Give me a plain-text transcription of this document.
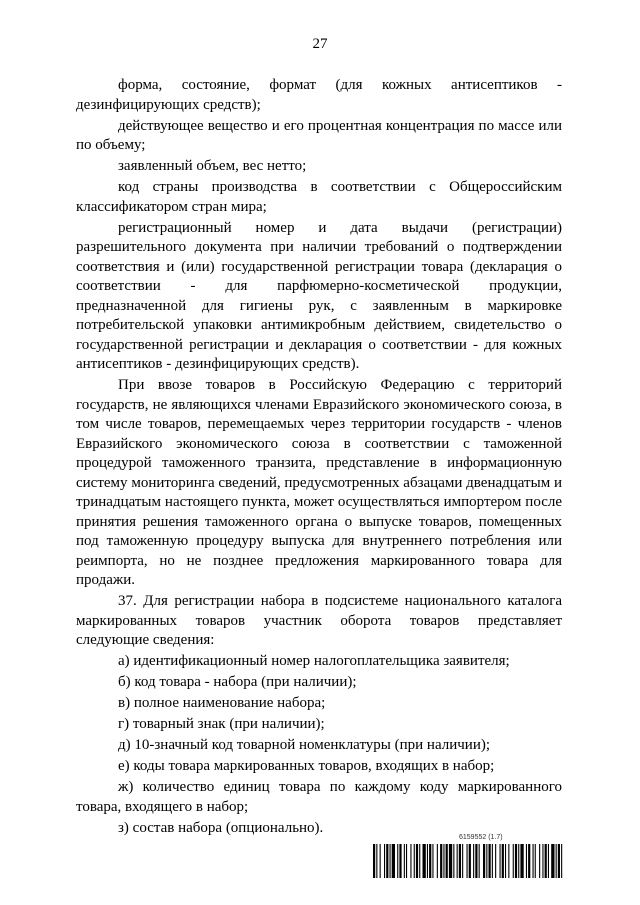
27

форма, состояние, формат (для кожных антисептиков - дезинфицирующих средств);

действующее вещество и его процентная концентрация по массе или по объему;

заявленный объем, вес нетто;

код страны производства в соответствии с Общероссийским классификатором стран мира;

регистрационный номер и дата выдачи (регистрации) разрешительного документа при наличии требований о подтверждении соответствия и (или) государственной регистрации товара (декларация о соответствии - для парфюмерно-косметической продукции, предназначенной для гигиены рук, с заявленным в маркировке потребительской упаковки антимикробным действием, свидетельство о государственной регистрации и декларация о соответствии - для кожных антисептиков - дезинфицирующих средств).

При ввозе товаров в Российскую Федерацию с территорий государств, не являющихся членами Евразийского экономического союза, в том числе товаров, перемещаемых через территории государств - членов Евразийского экономического союза в соответствии с таможенной процедурой таможенного транзита, представление в информационную систему мониторинга сведений, предусмотренных абзацами двенадцатым и тринадцатым настоящего пункта, может осуществляться импортером после принятия решения таможенного органа о выпуске товаров, помещенных под таможенную процедуру выпуска для внутреннего потребления или реимпорта, но не позднее предложения маркированного товара для продажи.

37. Для регистрации набора в подсистеме национального каталога маркированных товаров участник оборота товаров представляет следующие сведения:

а) идентификационный номер налогоплательщика заявителя;

б) код товара - набора (при наличии);

в) полное наименование набора;

г) товарный знак (при наличии);

д) 10-значный код товарной номенклатуры (при наличии);

е) коды товара маркированных товаров, входящих в набор;

ж) количество единиц товара по каждому коду маркированного товара, входящего в набор;

з) состав набора (опционально).

6159552 (1.7)
